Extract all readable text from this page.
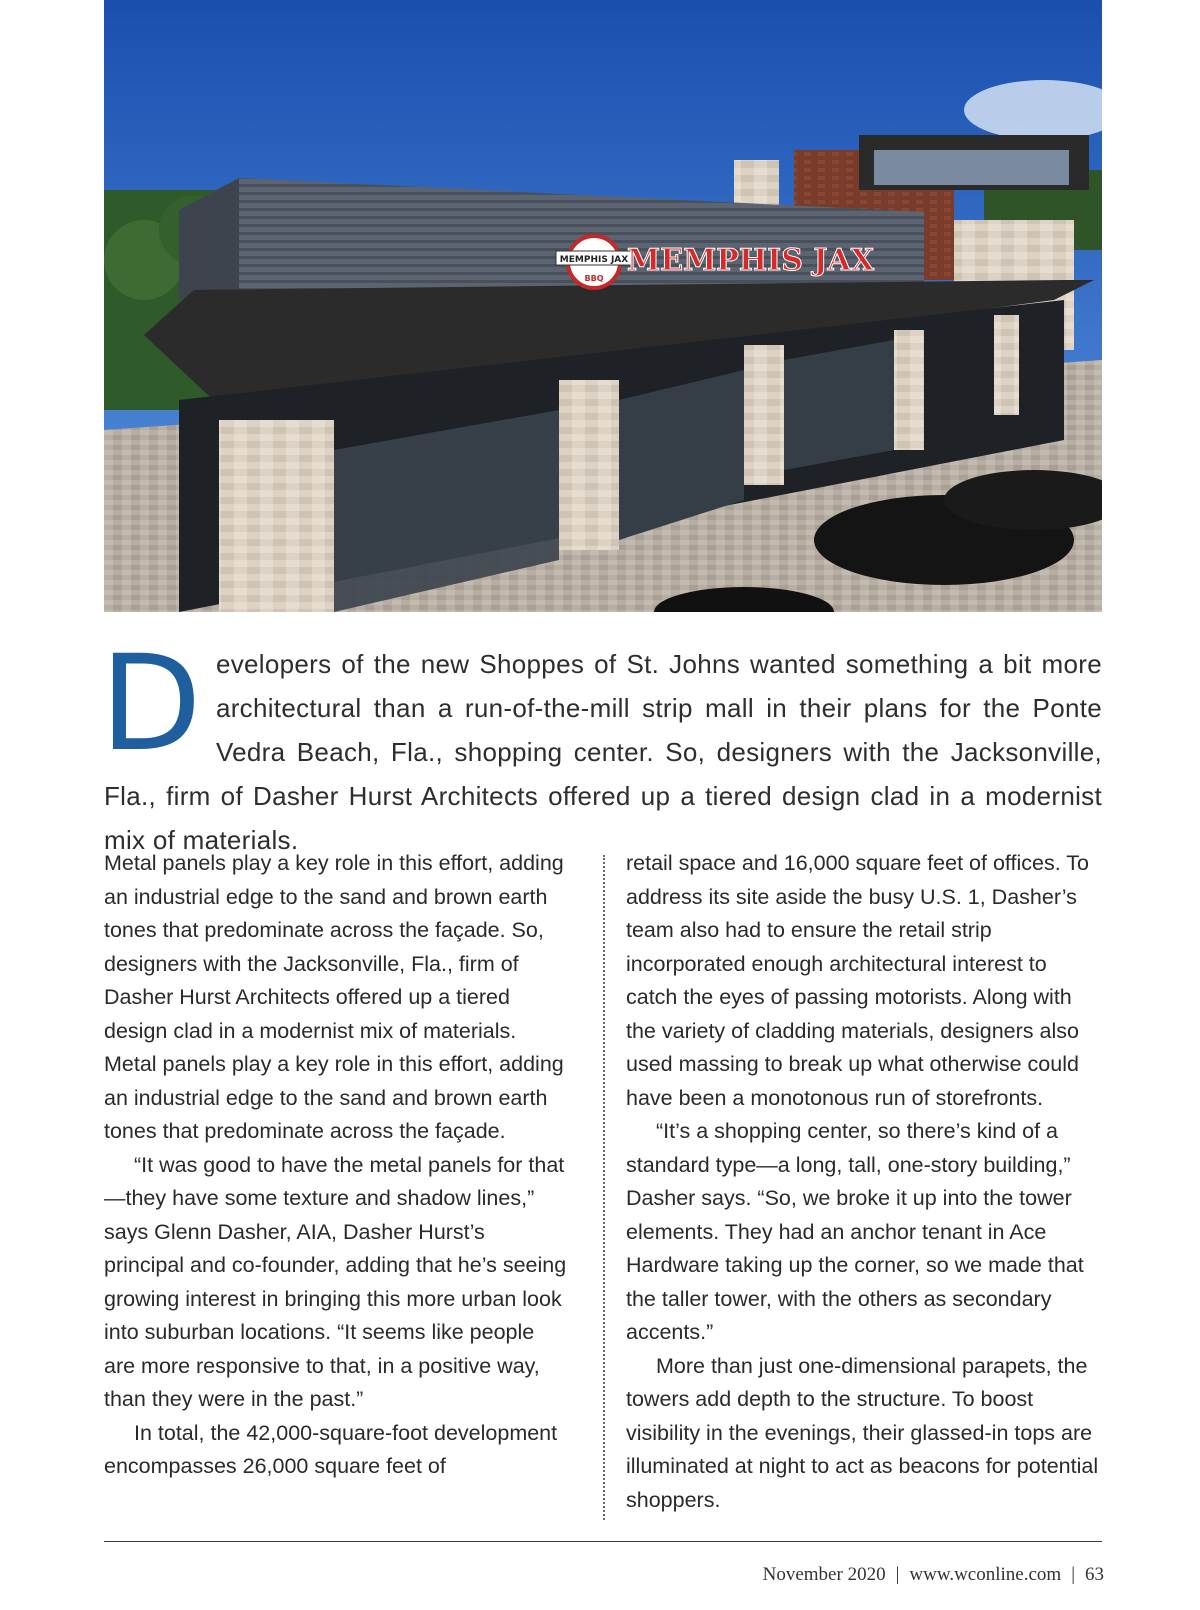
MEMPHIS JAX
BBQ
MEMPHIS JAX
Developers of the new Shoppes of St. Johns wanted something a bit more architectural than a run-of-the-mill strip mall in their plans for the Ponte Vedra Beach, Fla., shopping center. So, designers with the Jacksonville, Fla., firm of Dasher Hurst Architects offered up a tiered design clad in a modernist mix of materials.

Metal panels play a key role in this effort, adding an industrial edge to the sand and brown earth tones that predominate across the façade. So, designers with the Jacksonville, Fla., firm of Dasher Hurst Architects offered up a tiered design clad in a modernist mix of materials. Metal panels play a key role in this effort, adding an industrial edge to the sand and brown earth tones that predominate across the façade.

“It was good to have the metal panels for that—they have some texture and shadow lines,” says Glenn Dasher, AIA, Dasher Hurst’s principal and co-founder, adding that he’s seeing growing interest in bringing this more urban look into suburban locations. “It seems like people are more responsive to that, in a positive way, than they were in the past.”

In total, the 42,000-square-foot development encompasses 26,000 square feet of

retail space and 16,000 square feet of offices. To address its site aside the busy U.S. 1, Dasher’s team also had to ensure the retail strip incorporated enough architectural interest to catch the eyes of passing motorists. Along with the variety of cladding materials, designers also used massing to break up what otherwise could have been a monotonous run of storefronts.

“It’s a shopping center, so there’s kind of a standard type—a long, tall, one-story building,” Dasher says. “So, we broke it up into the tower elements. They had an anchor tenant in Ace Hardware taking up the corner, so we made that the taller tower, with the others as secondary accents.”

More than just one-dimensional parapets, the towers add depth to the structure. To boost visibility in the evenings, their glassed-in tops are illuminated at night to act as beacons for potential shoppers.

November 2020 | www.wconline.com | 63
